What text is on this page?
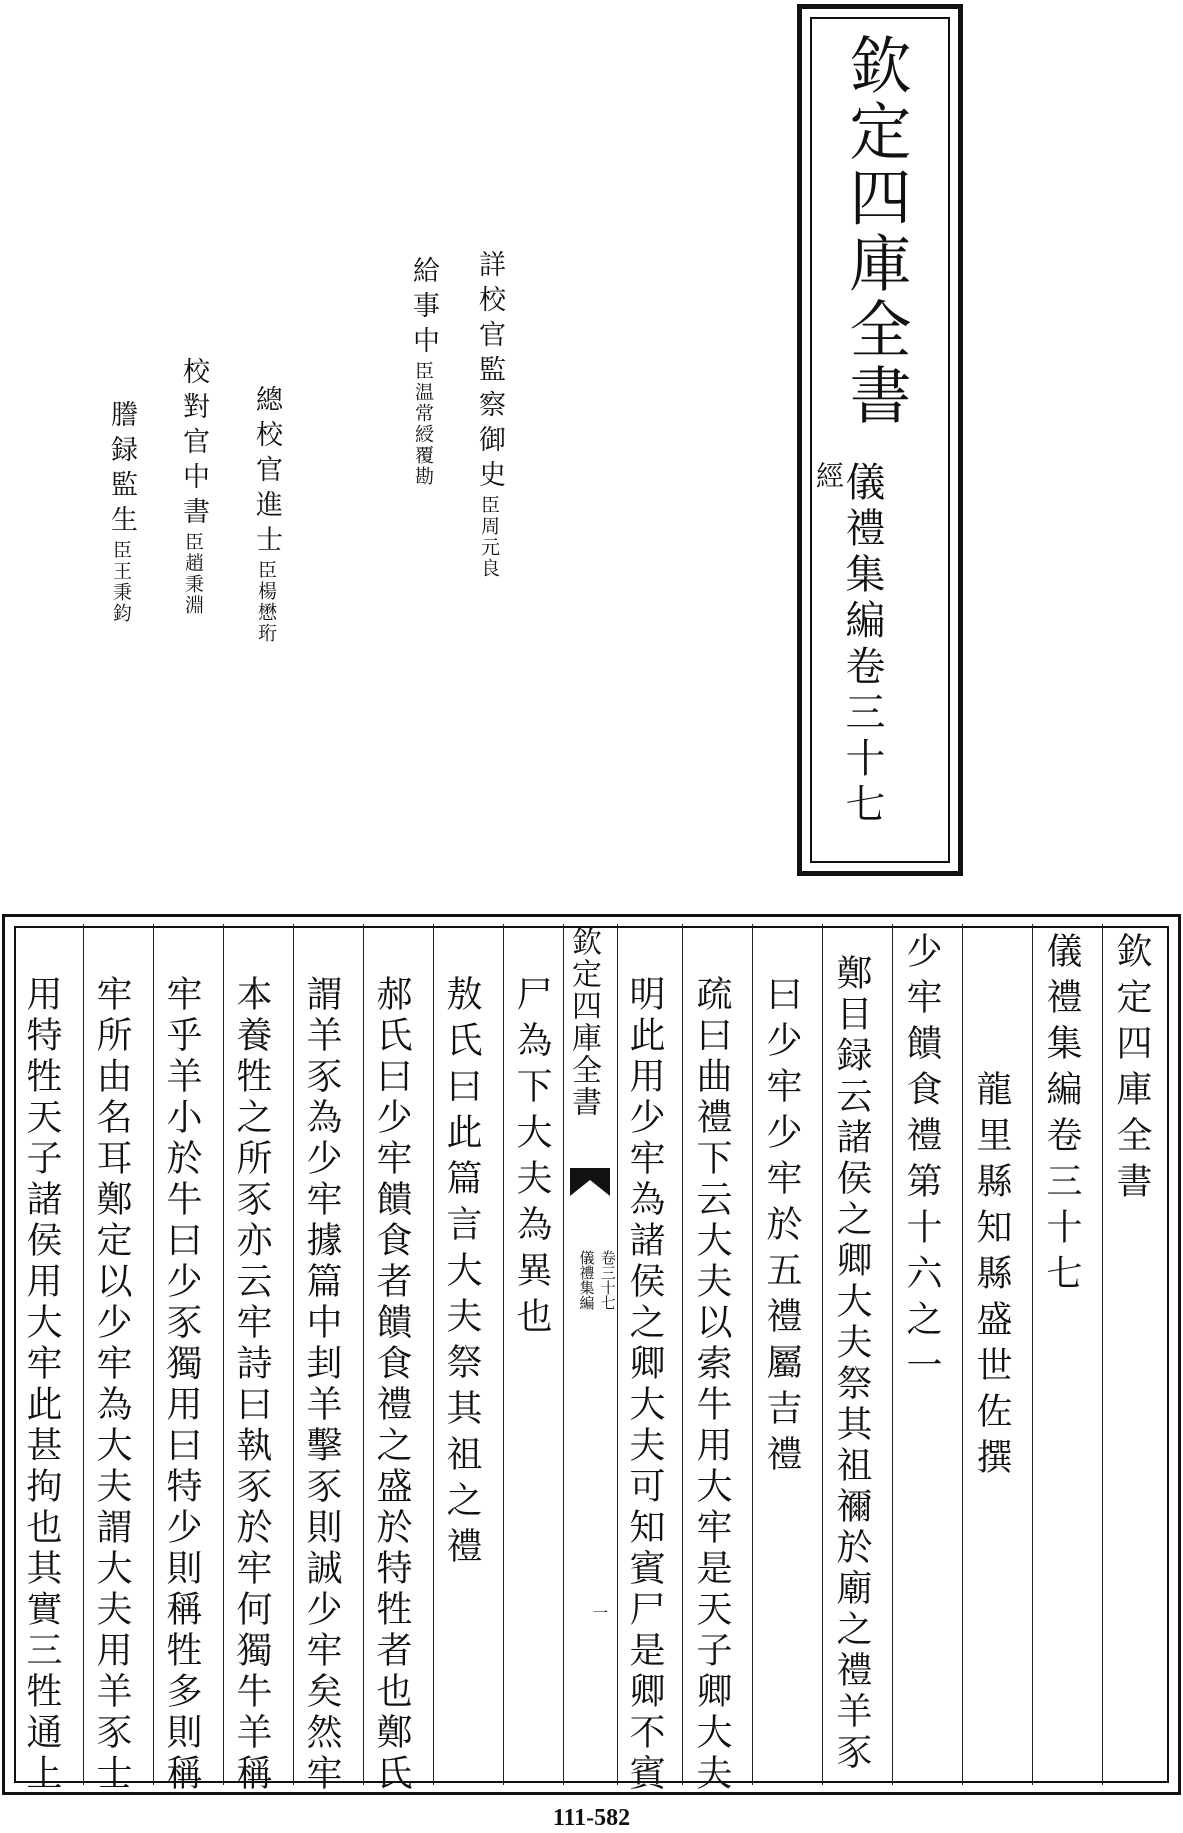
欽定四庫全書
經
儀禮集編卷三十七
詳校官監察御史臣周元良
給事中臣温常綬覆勘
總校官進士臣楊懋珩
校對官中書臣趙秉淵
謄録監生臣王秉鈞
欽定四庫全書
儀禮集編卷三十七
　　　龍里縣知縣盛世佐撰
少牢饋食禮第十六之一
鄭目録云諸侯之卿大夫祭其祖禰於廟之禮羊豕
曰少牢少牢於五禮屬吉禮
疏曰曲禮下云大夫以索牛用大牢是天子卿大夫
明此用少牢為諸侯之卿大夫可知賓尸是卿不賓
欽定四庫全書
儀禮集編 卷三十七
一
尸為下大夫為異也
敖氏曰此篇言大夫祭其祖之禮
郝氏曰少牢饋食者饋食禮之盛於特牲者也鄭氏
謂羊豕為少牢據篇中刲羊擊豕則誠少牢矣然牢
本養牲之所豕亦云牢詩曰執豕於牢何獨牛羊稱
牢乎羊小於牛曰少豕獨用曰特少則稱牲多則稱
牢所由名耳鄭定以少牢為大夫謂大夫用羊豕士
用特牲天子諸侯用大牢此甚拘也其實三牲通上
111-582
